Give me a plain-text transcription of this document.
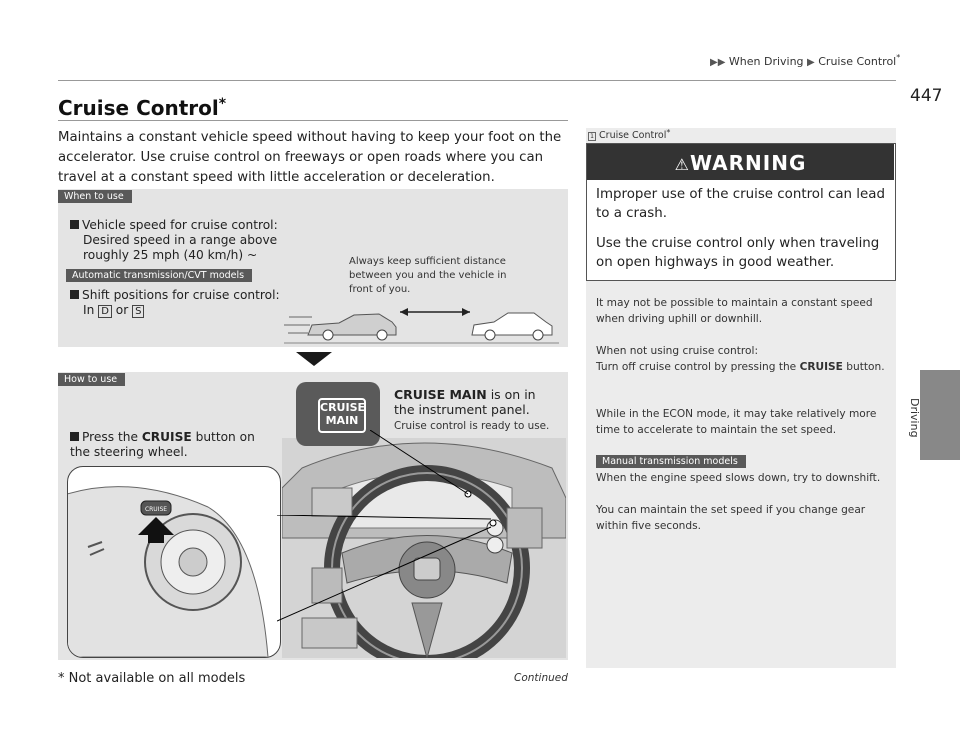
▶▶ When Driving ▶ Cruise Control*
447
Driving
Cruise Control*
Maintains a constant vehicle speed without having to keep your foot on the accelerator. Use cruise control on freeways or open roads where you can travel at a constant speed with little acceleration or deceleration.
When to use
Vehicle speed for cruise control:
Desired speed in a range above roughly 25 mph (40 km/h) ~
Automatic transmission/CVT models
Shift positions for cruise control:
In D or S
Always keep sufficient distance between you and the vehicle in front of you.
How to use
Press the CRUISE button on the steering wheel.
CRUISE
MAIN
CRUISE MAIN is on in the instrument panel.
Cruise control is ready to use.
CRUISE
1 Cruise Control*
⚠WARNING
Improper use of the cruise control can lead to a crash.
Use the cruise control only when traveling on open highways in good weather.
It may not be possible to maintain a constant speed when driving uphill or downhill.
When not using cruise control:
Turn off cruise control by pressing the CRUISE button.
While in the ECON mode, it may take relatively more time to accelerate to maintain the set speed.
Manual transmission models
When the engine speed slows down, try to downshift.
You can maintain the set speed if you change gear within five seconds.
* Not available on all models	Continued
